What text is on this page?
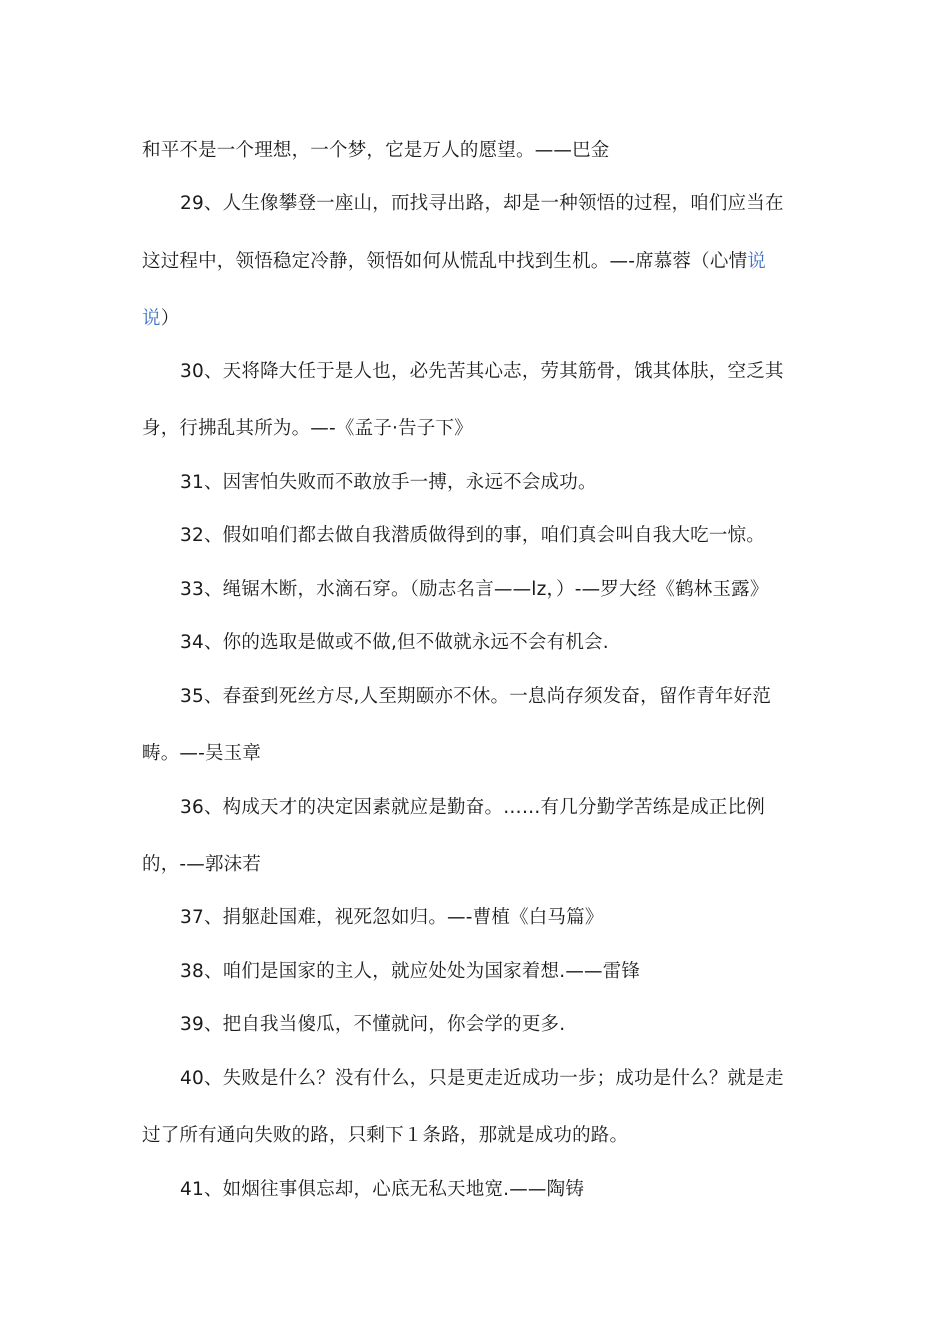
和平不是一个理想，一个梦，它是万人的愿望。——巴金
29、人生像攀登一座山，而找寻出路，却是一种领悟的过程，咱们应当在
这过程中，领悟稳定冷静，领悟如何从慌乱中找到生机。—-席慕蓉（心情说
说）
30、天将降大任于是人也，必先苦其心志，劳其筋骨，饿其体肤，空乏其
身，行拂乱其所为。—-《孟子·告子下》
31、因害怕失败而不敢放手一搏，永远不会成功。
32、假如咱们都去做自我潜质做得到的事，咱们真会叫自我大吃一惊。
33、绳锯木断，水滴石穿。（励志名言——lz，）-—罗大经《鹤林玉露》
34、你的选取是做或不做,但不做就永远不会有机会.
35、春蚕到死丝方尽,人至期颐亦不休。一息尚存须发奋，留作青年好范
畴。—-吴玉章
36、构成天才的决定因素就应是勤奋。……有几分勤学苦练是成正比例
的，-—郭沫若
37、捐躯赴国难，视死忽如归。—-曹植《白马篇》
38、咱们是国家的主人，就应处处为国家着想.——雷锋
39、把自我当傻瓜，不懂就问，你会学的更多.
40、失败是什么？没有什么，只是更走近成功一步；成功是什么？就是走
过了所有通向失败的路，只剩下１条路，那就是成功的路。
41、如烟往事俱忘却，心底无私天地宽.——陶铸
